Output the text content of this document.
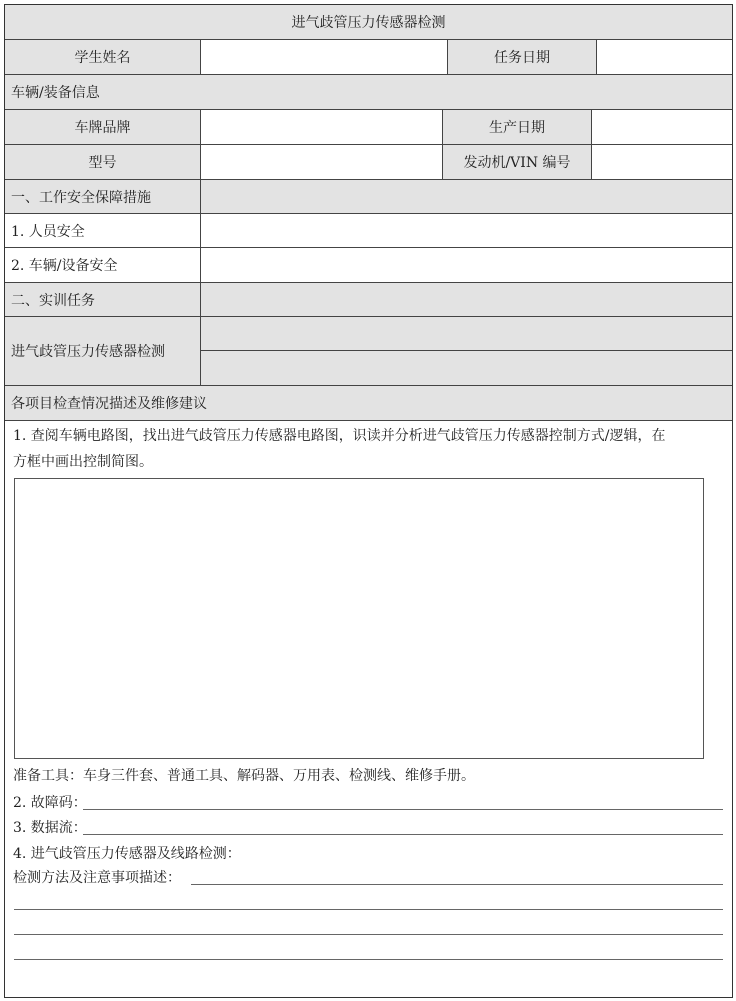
进气歧管压力传感器检测
学生姓名	任务日期
车辆/装备信息
车牌品牌	生产日期
型号	发动机/VIN 编号
一、工作安全保障措施
1. 人员安全
2. 车辆/设备安全
二、实训任务
进气歧管压力传感器检测
各项目检查情况描述及维修建议
1. 查阅车辆电路图，找出进气歧管压力传感器电路图，识读并分析进气歧管压力传感器控制方式/逻辑，在
方框中画出控制简图。
准备工具：车身三件套、普通工具、解码器、万用表、检测线、维修手册。
2. 故障码：
3. 数据流：
4. 进气歧管压力传感器及线路检测：
检测方法及注意事项描述：
